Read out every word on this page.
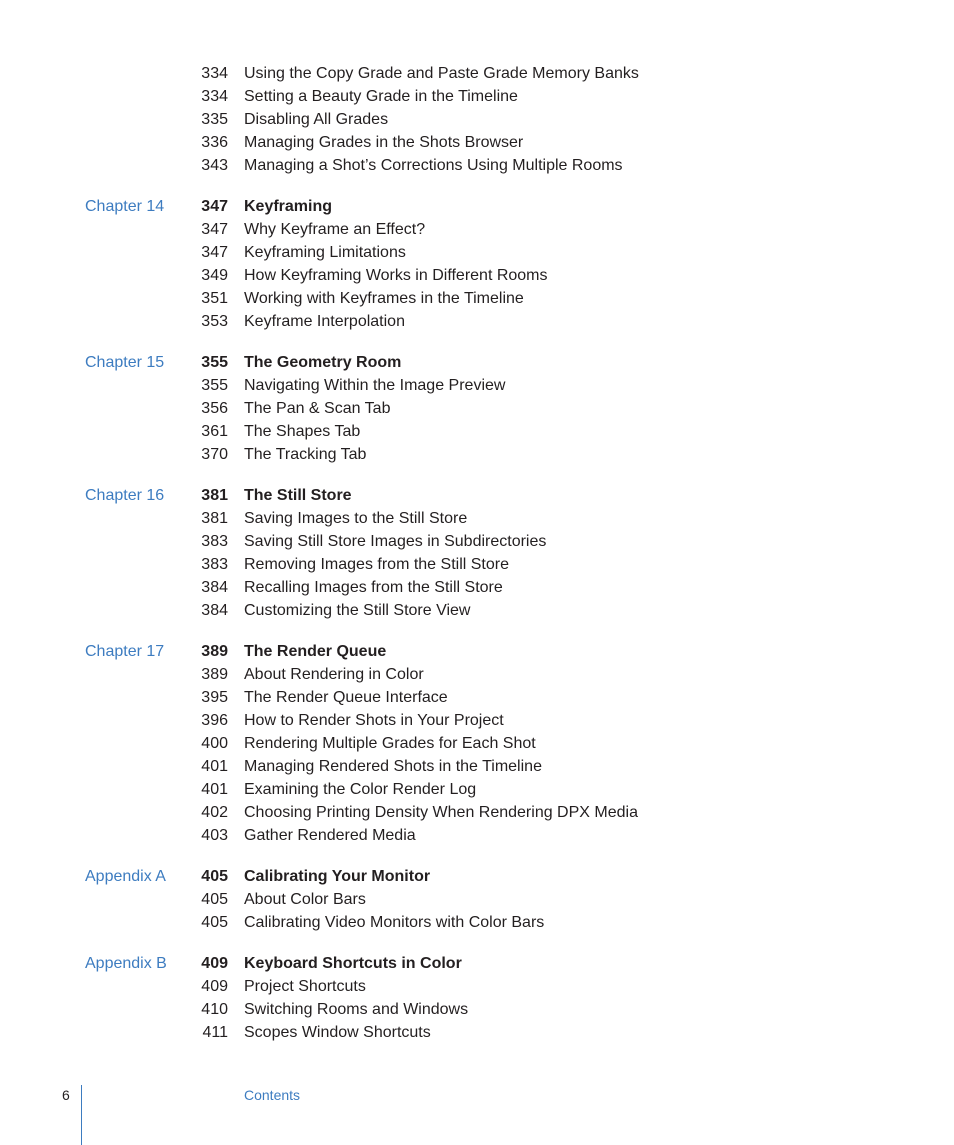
334 Using the Copy Grade and Paste Grade Memory Banks
334 Setting a Beauty Grade in the Timeline
335 Disabling All Grades
336 Managing Grades in the Shots Browser
343 Managing a Shot’s Corrections Using Multiple Rooms
Chapter 14	347 Keyframing
347 Why Keyframe an Effect?
347 Keyframing Limitations
349 How Keyframing Works in Different Rooms
351 Working with Keyframes in the Timeline
353 Keyframe Interpolation
Chapter 15	355 The Geometry Room
355 Navigating Within the Image Preview
356 The Pan & Scan Tab
361 The Shapes Tab
370 The Tracking Tab
Chapter 16	381 The Still Store
381 Saving Images to the Still Store
383 Saving Still Store Images in Subdirectories
383 Removing Images from the Still Store
384 Recalling Images from the Still Store
384 Customizing the Still Store View
Chapter 17	389 The Render Queue
389 About Rendering in Color
395 The Render Queue Interface
396 How to Render Shots in Your Project
400 Rendering Multiple Grades for Each Shot
401 Managing Rendered Shots in the Timeline
401 Examining the Color Render Log
402 Choosing Printing Density When Rendering DPX Media
403 Gather Rendered Media
Appendix A	405 Calibrating Your Monitor
405 About Color Bars
405 Calibrating Video Monitors with Color Bars
Appendix B	409 Keyboard Shortcuts in Color
409 Project Shortcuts
410 Switching Rooms and Windows
411 Scopes Window Shortcuts
6	Contents
